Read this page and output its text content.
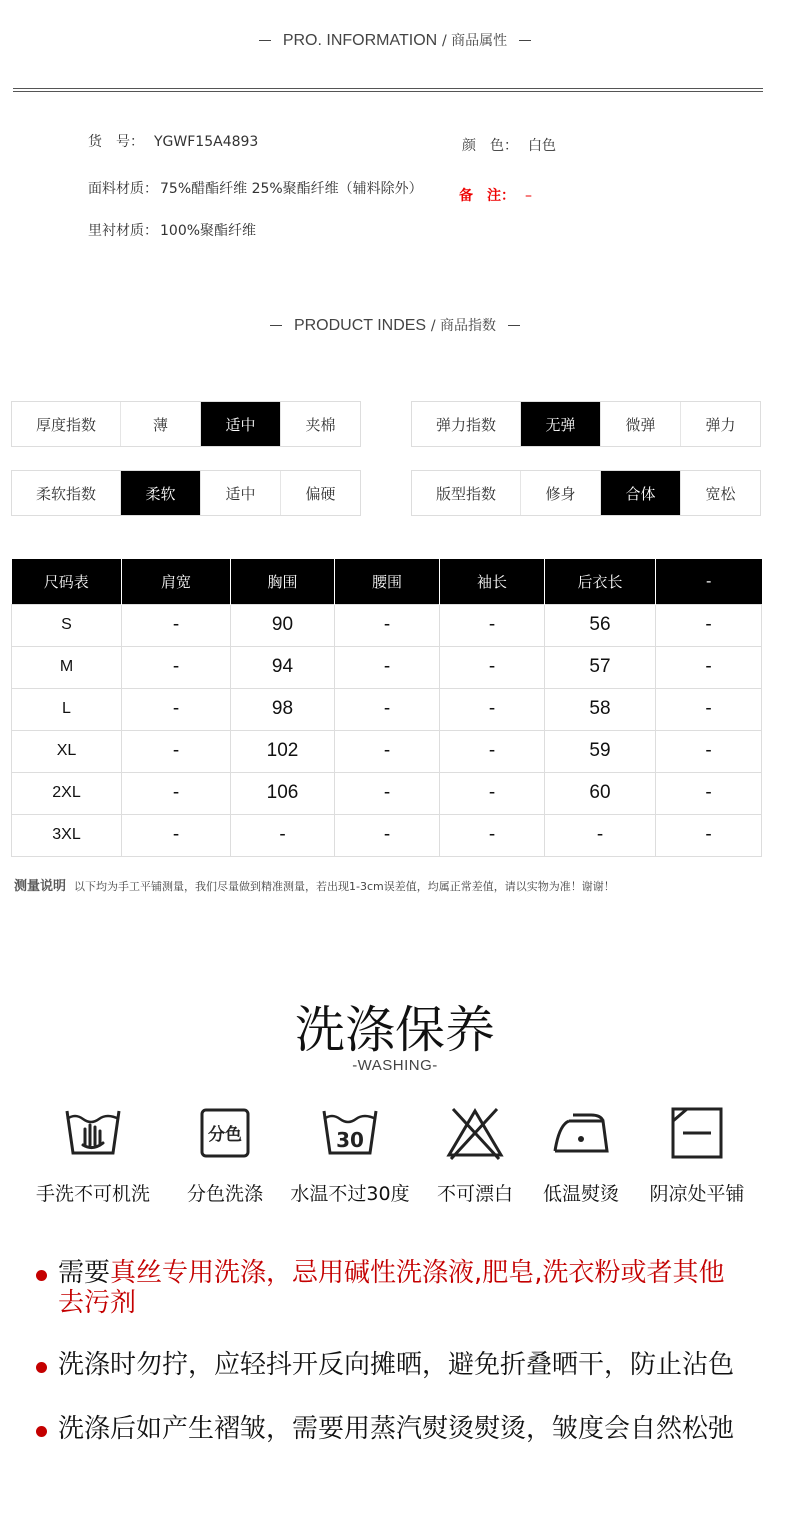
PRO. INFORMATION / 商品属性
货　号： YGWF15A4893
面料材质： 75%醋酯纤维 25%聚酯纤维（辅料除外）
里衬材质： 100%聚酯纤维
颜　色： 白色
备　注： –
PRODUCT INDES / 商品指数
厚度指数	薄	适中	夹棉	弹力指数	无弹	微弹	弹力
柔软指数	柔软	适中	偏硬	版型指数	修身	合体	宽松
尺码表	肩宽	胸围	腰围	袖长	后衣长	-
S	-	90	-	-	56	-
M	-	94	-	-	57	-
L	-	98	-	-	58	-
XL	-	102	-	-	59	-
2XL	-	106	-	-	60	-
3XL	-	-	-	-	-	-
测量说明 以下均为手工平铺测量，我们尽量做到精准测量，若出现1-3cm误差值，均属正常差值，请以实物为准！谢谢！
洗涤保养
-WASHING-
手洗不可机洗
分色
分色洗涤
30
水温不过30度	不可漂白	低温熨烫	阴凉处平铺
需要真丝专用洗涤，忌用碱性洗涤液,肥皂,洗衣粉或者其他去污剂
洗涤时勿拧，应轻抖开反向摊晒，避免折叠晒干，防止沾色
洗涤后如产生褶皱，需要用蒸汽熨烫熨烫，皱度会自然松弛
